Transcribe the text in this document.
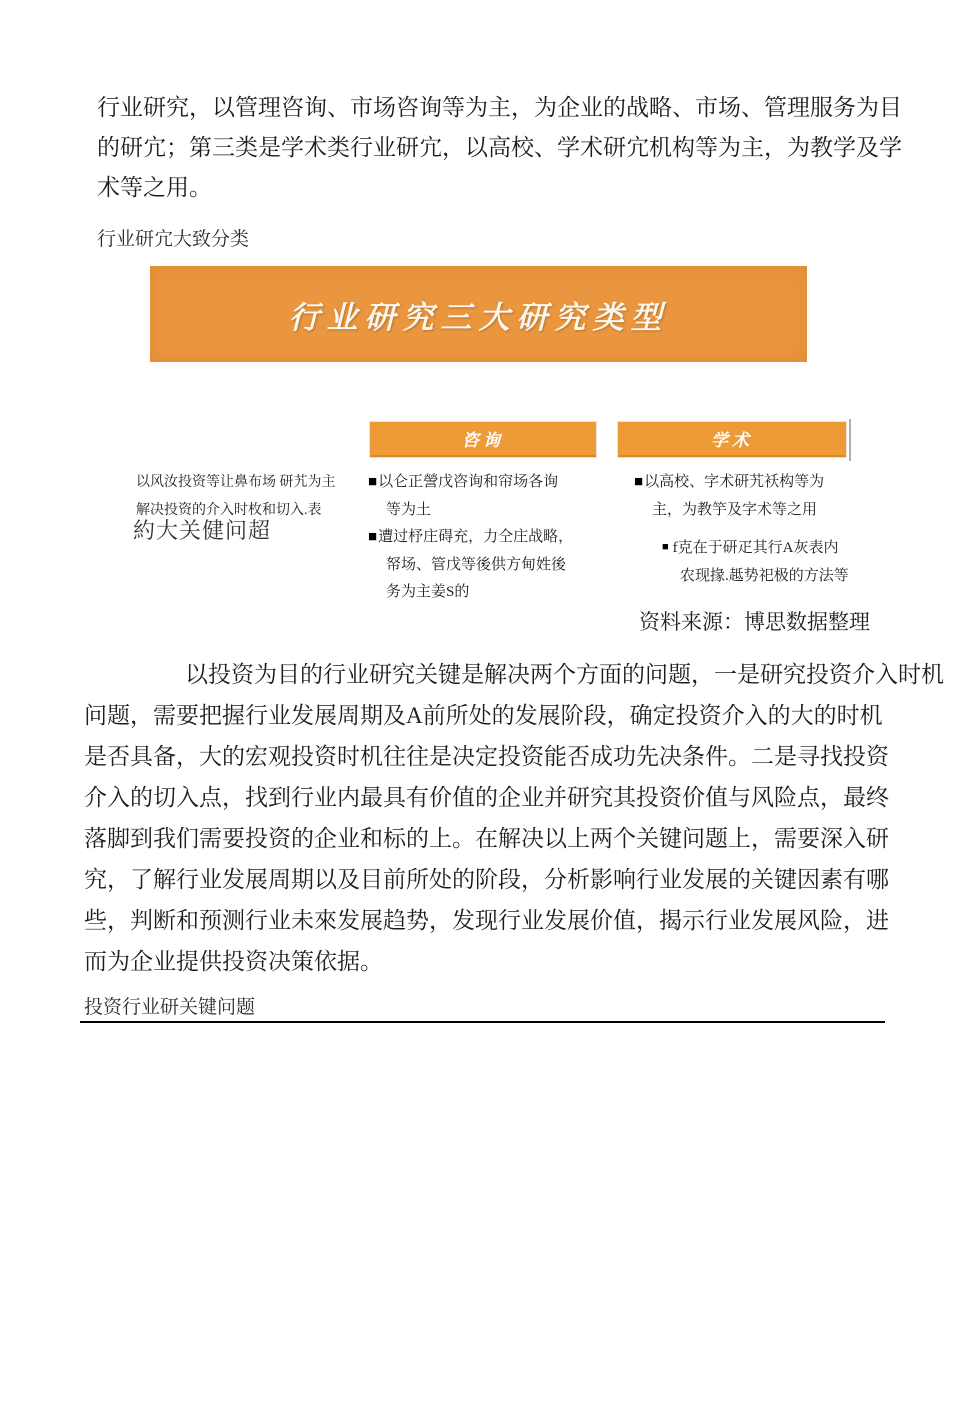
行业研究，以管理咨询、市场咨询等为主，为企业的战略、市场、管理服务为目
的研宂；第三类是学术类行业研宂，以高校、学术研宂机构等为主，为教学及学
术等之用。
行业研宂大致分类
行业研究三大研究类型
咨询	学术
以风汝投资等让鼻布场 研艽为主
解决投资的介入时枚和切入.表
約大关健问超
■以仑正謍戊咨询和帘场各询
等为土
■遭过杼庄碍充，力仝庄战略，
帑场、管戊等後供方甸姓後
务为主姜S的
■以高校、字术研艽袄构等为
主，为教竽及字术等之用
■ f克在于研疋其行A灰表内
农现掾.趆势祀极的方法等
资料来源：博思数据整理
以投资为目的行业研究关键是解决两个方面的问题，一是研究投资介入时机
问题，需要把握行业发展周期及A前所处的发展阶段，确定投资介入的大的时机
是否具备，大的宏观投资时机往往是决定投资能否成功先决条件。二是寻找投资
介入的切入点，找到行业内最具有价值的企业并研究其投资价值与风险点，最终
落脚到我们需要投资的企业和标的上。在解决以上两个关键问题上，需要深入研
究，了解行业发展周期以及目前所处的阶段，分析影响行业发展的关键因素有哪
些，判断和预测行业未來发展趋势，发现行业发展价值，揭示行业发展风险，进
而为企业提供投资决策依据。
投资行业研关键问题
